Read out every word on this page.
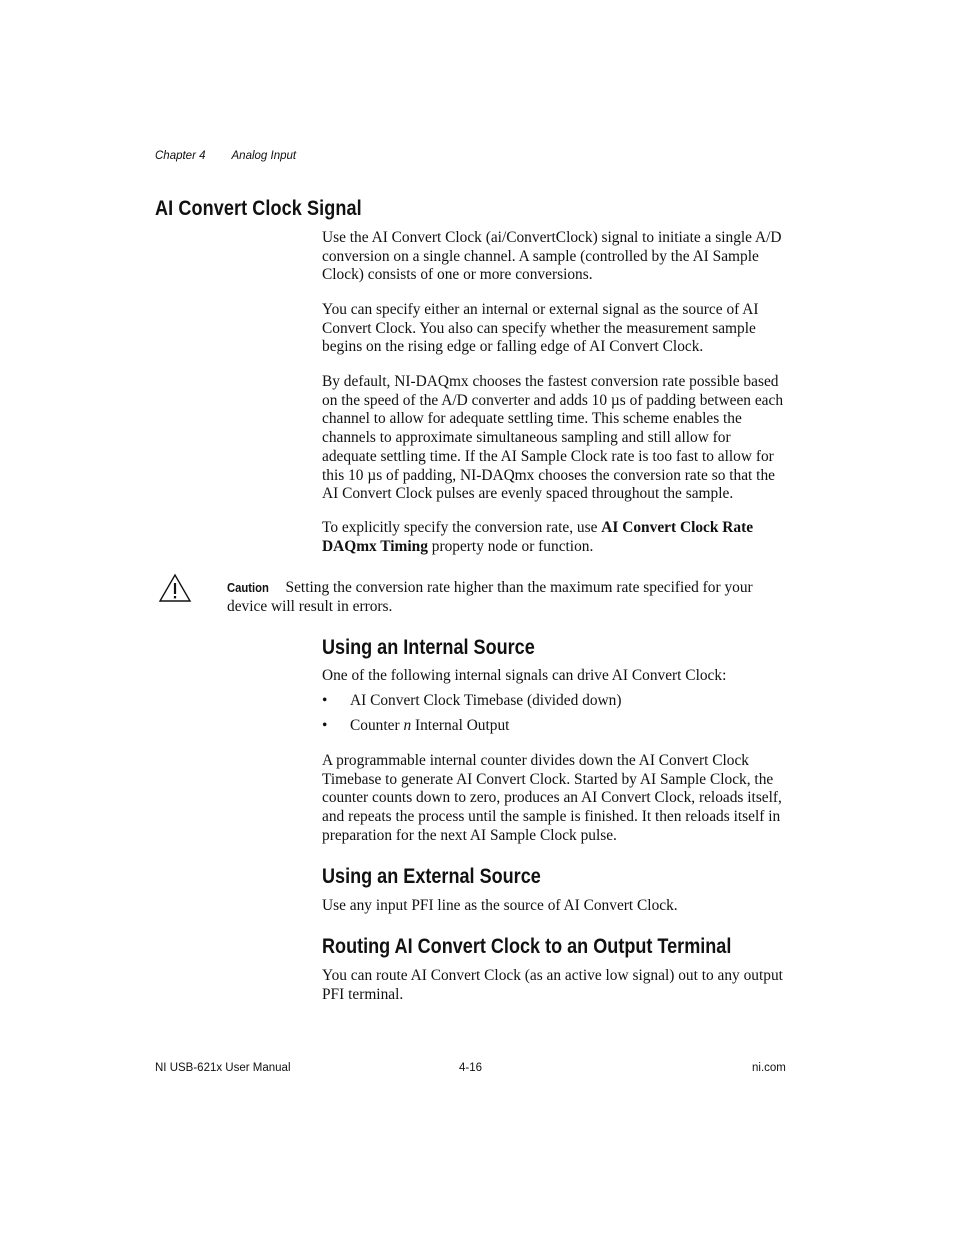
Chapter 4 Analog Input
AI Convert Clock Signal
Use the AI Convert Clock (ai/ConvertClock) signal to initiate a single A/D conversion on a single channel. A sample (controlled by the AI Sample Clock) consists of one or more conversions.
You can specify either an internal or external signal as the source of AI Convert Clock. You also can specify whether the measurement sample begins on the rising edge or falling edge of AI Convert Clock.
By default, NI-DAQmx chooses the fastest conversion rate possible based on the speed of the A/D converter and adds 10 µs of padding between each channel to allow for adequate settling time. This scheme enables the channels to approximate simultaneous sampling and still allow for adequate settling time. If the AI Sample Clock rate is too fast to allow for this 10 µs of padding, NI-DAQmx chooses the conversion rate so that the AI Convert Clock pulses are evenly spaced throughout the sample.
To explicitly specify the conversion rate, use AI Convert Clock Rate DAQmx Timing property node or function.
Caution Setting the conversion rate higher than the maximum rate specified for your device will result in errors.
Using an Internal Source
One of the following internal signals can drive AI Convert Clock:
• AI Convert Clock Timebase (divided down)
• Counter n Internal Output
A programmable internal counter divides down the AI Convert Clock Timebase to generate AI Convert Clock. Started by AI Sample Clock, the counter counts down to zero, produces an AI Convert Clock, reloads itself, and repeats the process until the sample is finished. It then reloads itself in preparation for the next AI Sample Clock pulse.
Using an External Source
Use any input PFI line as the source of AI Convert Clock.
Routing AI Convert Clock to an Output Terminal
You can route AI Convert Clock (as an active low signal) out to any output PFI terminal.
NI USB-621x User Manual	4-16	ni.com
